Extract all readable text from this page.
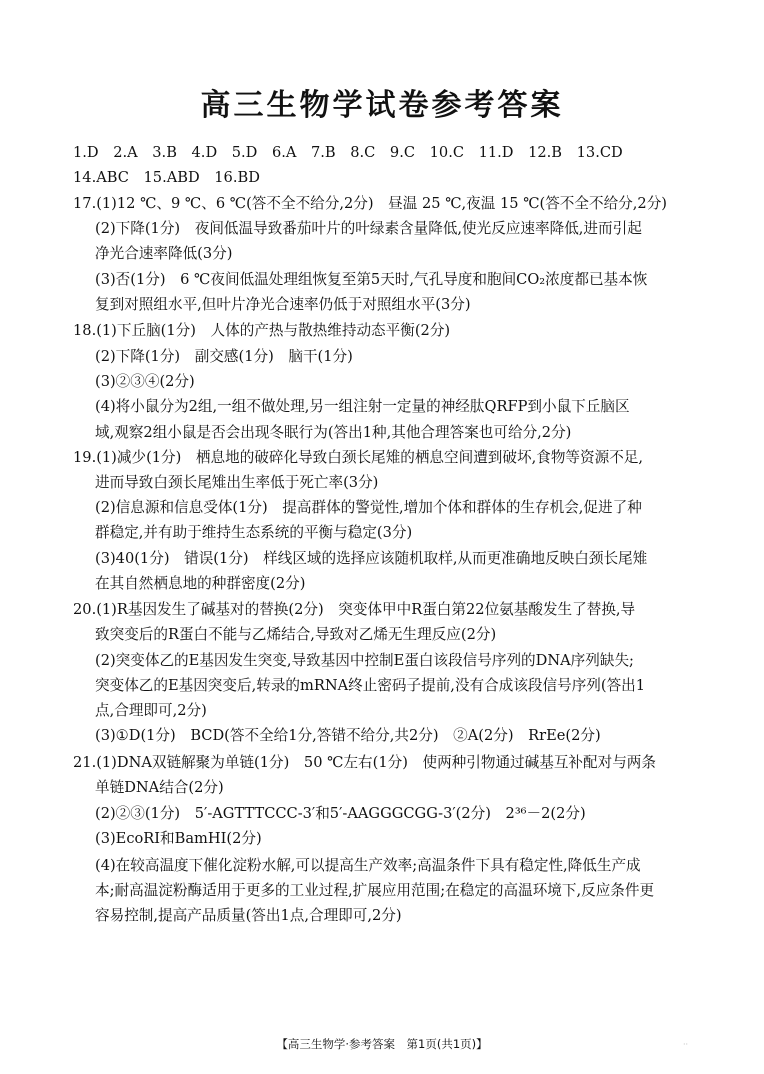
高三生物学试卷参考答案
1.D　2.A　3.B　4.D　5.D　6.A　7.B　8.C　9.C　10.C　11.D　12.B　13.CD
14.ABC　15.ABD　16.BD
17.(1)12 ℃、9 ℃、6 ℃(答不全不给分,2分)　昼温 25 ℃,夜温 15 ℃(答不全不给分,2分)
(2)下降(1分)　夜间低温导致番茄叶片的叶绿素含量降低,使光反应速率降低,进而引起
净光合速率降低(3分)
(3)否(1分)　6 ℃夜间低温处理组恢复至第5天时,气孔导度和胞间CO₂浓度都已基本恢
复到对照组水平,但叶片净光合速率仍低于对照组水平(3分)
18.(1)下丘脑(1分)　人体的产热与散热维持动态平衡(2分)
(2)下降(1分)　副交感(1分)　脑干(1分)
(3)②③④(2分)
(4)将小鼠分为2组,一组不做处理,另一组注射一定量的神经肽QRFP到小鼠下丘脑区
域,观察2组小鼠是否会出现冬眠行为(答出1种,其他合理答案也可给分,2分)
19.(1)减少(1分)　栖息地的破碎化导致白颈长尾雉的栖息空间遭到破坏,食物等资源不足,
进而导致白颈长尾雉出生率低于死亡率(3分)
(2)信息源和信息受体(1分)　提高群体的警觉性,增加个体和群体的生存机会,促进了种
群稳定,并有助于维持生态系统的平衡与稳定(3分)
(3)40(1分)　错误(1分)　样线区域的选择应该随机取样,从而更准确地反映白颈长尾雉
在其自然栖息地的种群密度(2分)
20.(1)R基因发生了碱基对的替换(2分)　突变体甲中R蛋白第22位氨基酸发生了替换,导
致突变后的R蛋白不能与乙烯结合,导致对乙烯无生理反应(2分)
(2)突变体乙的E基因发生突变,导致基因中控制E蛋白该段信号序列的DNA序列缺失;
突变体乙的E基因突变后,转录的mRNA终止密码子提前,没有合成该段信号序列(答出1
点,合理即可,2分)
(3)①D(1分)　BCD(答不全给1分,答错不给分,共2分)　②A(2分)　RrEe(2分)
21.(1)DNA双链解聚为单链(1分)　50 ℃左右(1分)　使两种引物通过碱基互补配对与两条
单链DNA结合(2分)
(2)②③(1分)　5′-AGTTTCCC-3′和5′-AAGGGCGG-3′(2分)　2³⁶－2(2分)
(3)EcoRⅠ和BamHⅠ(2分)
(4)在较高温度下催化淀粉水解,可以提高生产效率;高温条件下具有稳定性,降低生产成
本;耐高温淀粉酶适用于更多的工业过程,扩展应用范围;在稳定的高温环境下,反应条件更
容易控制,提高产品质量(答出1点,合理即可,2分)
【高三生物学·参考答案　第1页(共1页)】	··
